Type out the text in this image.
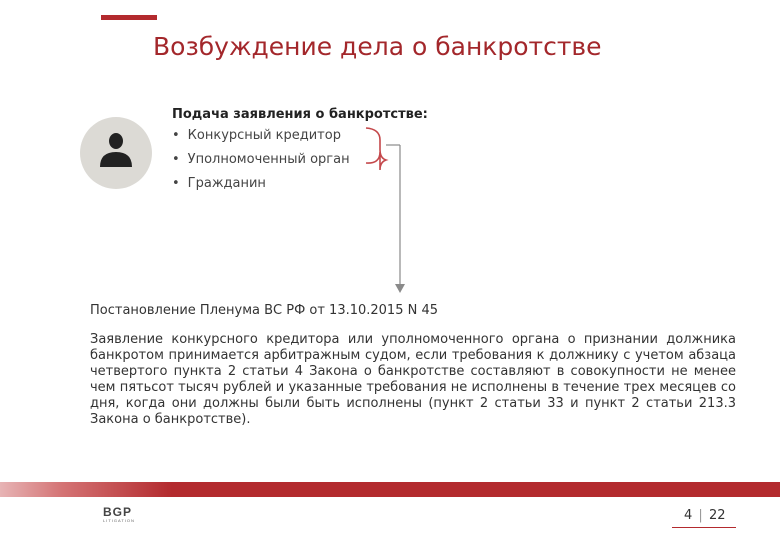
Возбуждение дела о банкротстве
Подача заявления о банкротстве:
• Конкурсный кредитор
• Уполномоченный орган
• Гражданин
Постановление Пленума ВС РФ от 13.10.2015 N 45

Заявление конкурсного кредитора или уполномоченного органа о признании должника банкротом принимается арбитражным судом, если требования к должнику с учетом абзаца четвертого пункта 2 статьи 4 Закона о банкротстве составляют в совокупности не менее чем пятьсот тысяч рублей и указанные требования не исполнены в течение трех месяцев со дня, когда они должны были быть исполнены (пункт 2 статьи 33 и пункт 2 статьи 213.3 Закона о банкротстве).

BGP
LITIGATION	4 | 22
